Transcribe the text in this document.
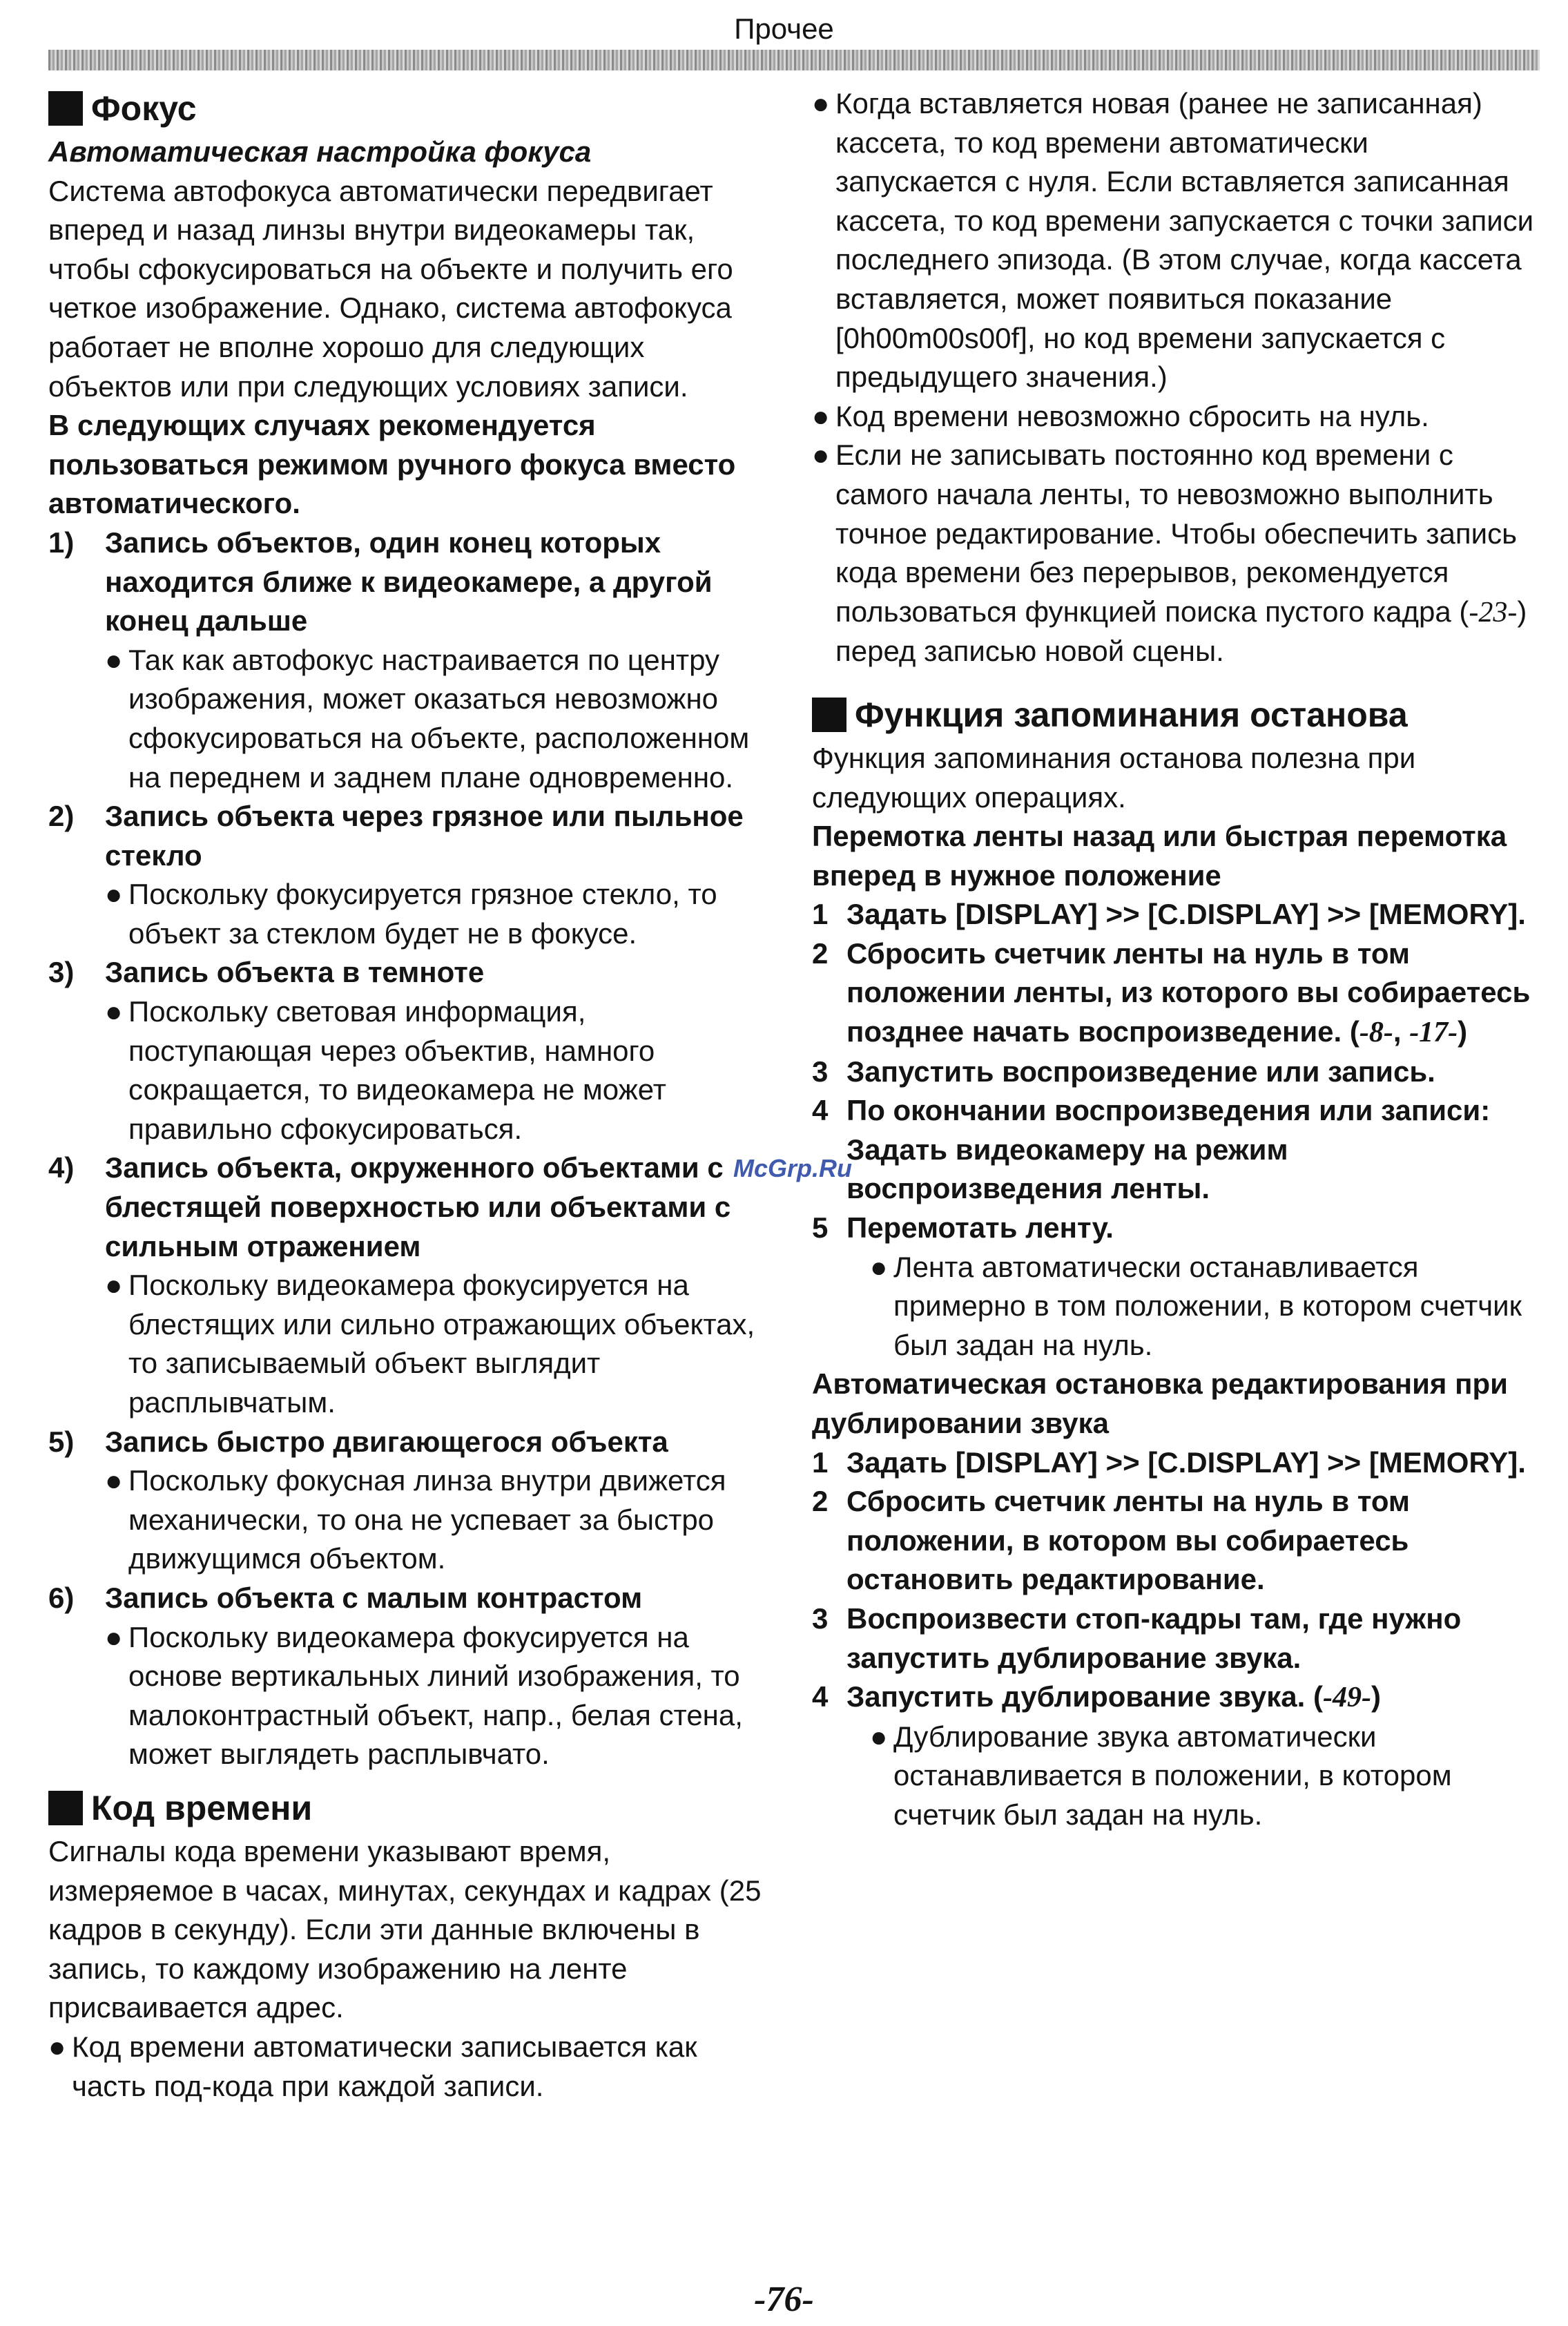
Прочее
Фокус

Автоматическая настройка фокуса

Система автофокуса автоматически передвигает вперед и назад линзы внутри видеокамеры так, чтобы сфокусироваться на объекте и получить его четкое изображение. Однако, система автофокуса работает не вполне хорошо для следующих объектов или при следующих условиях записи.

В следующих случаях рекомендуется пользоваться режимом ручного фокуса вместо автоматического.

1)	Запись объектов, один конец которых находится ближе к видеокамере, а другой конец дальше
● Так как автофокус настраивается по центру изображения, может оказаться невозможно сфокусироваться на объекте, расположенном на переднем и заднем плане одновременно.
2)	Запись объекта через грязное или пыльное стекло
● Поскольку фокусируется грязное стекло, то объект за стеклом будет не в фокусе.
3)	Запись объекта в темноте
● Поскольку световая информация, поступающая через объектив, намного сокращается, то видеокамера не может правильно сфокусироваться.
4)	Запись объекта, окруженного объектами с блестящей поверхностью или объектами с сильным отражением
● Поскольку видеокамера фокусируется на блестящих или сильно отражающих объектах, то записываемый объект выглядит расплывчатым.
5)	Запись быстро двигающегося объекта
● Поскольку фокусная линза внутри движется механически, то она не успевает за быстро движущимся объектом.
6)	Запись объекта с малым контрастом
● Поскольку видеокамера фокусируется на основе вертикальных линий изображения, то малоконтрастный объект, напр., белая стена, может выглядеть расплывчато.
Код времени

Сигналы кода времени указывают время, измеряемое в часах, минутах, секундах и кадрах (25 кадров в секунду). Если эти данные включены в запись, то каждому изображению на ленте присваивается адрес.

● Код времени автоматически записывается как часть под-кода при каждой записи.
● Когда вставляется новая (ранее не записанная) кассета, то код времени автоматически запускается с нуля. Если вставляется записанная кассета, то код времени запускается с точки записи последнего эпизода. (В этом случае, когда кассета вставляется, может появиться показание [0h00m00s00f], но код времени запускается с предыдущего значения.)
● Код времени невозможно сбросить на нуль.
● Если не записывать постоянно код времени с самого начала ленты, то невозможно выполнить точное редактирование. Чтобы обеспечить запись кода времени без перерывов, рекомендуется пользоваться функцией поиска пустого кадра (-23-) перед записью новой сцены.
Функция запоминания останова

Функция запоминания останова полезна при следующих операциях.

Перемотка ленты назад или быстрая перемотка вперед в нужное положение

1 Задать [DISPLAY] >> [C.DISPLAY] >> [MEMORY].
2 Сбросить счетчик ленты на нуль в том положении ленты, из которого вы собираетесь позднее начать воспроизведение. (-8-, -17-)
3 Запустить воспроизведение или запись.
4 По окончании воспроизведения или записи:
Задать видеокамеру на режим воспроизведения ленты.
5 Перемотать ленту.
● Лента автоматически останавливается примерно в том положении, в котором счетчик был задан на нуль.

Автоматическая остановка редактирования при дублировании звука

1 Задать [DISPLAY] >> [C.DISPLAY] >> [MEMORY].
2 Сбросить счетчик ленты на нуль в том положении, в котором вы собираетесь остановить редактирование.
3 Воспроизвести стоп-кадры там, где нужно запустить дублирование звука.
4 Запустить дублирование звука. (-49-)
● Дублирование звука автоматически останавливается в положении, в котором счетчик был задан на нуль.
McGrp.Ru
-76-
